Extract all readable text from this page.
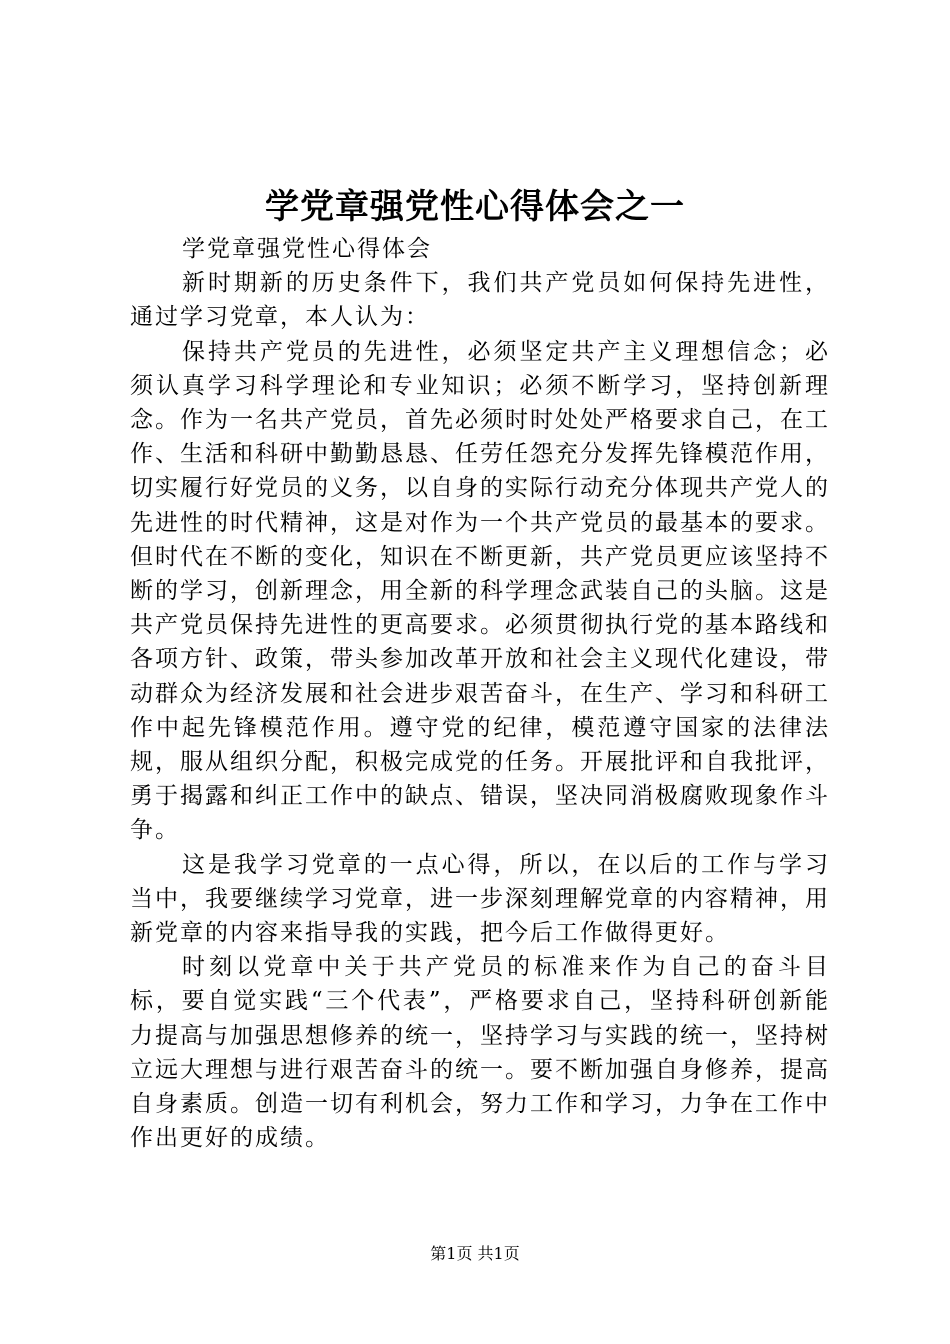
学党章强党性心得体会之一

学党章强党性心得体会

新时期新的历史条件下，我们共产党员如何保持先进性，通过学习党章，本人认为：

保持共产党员的先进性，必须坚定共产主义理想信念；必须认真学习科学理论和专业知识；必须不断学习，坚持创新理念。作为一名共产党员，首先必须时时处处严格要求自己，在工作、生活和科研中勤勤恳恳、任劳任怨充分发挥先锋模范作用，切实履行好党员的义务，以自身的实际行动充分体现共产党人的先进性的时代精神，这是对作为一个共产党员的最基本的要求。但时代在不断的变化，知识在不断更新，共产党员更应该坚持不断的学习，创新理念，用全新的科学理念武装自己的头脑。这是共产党员保持先进性的更高要求。必须贯彻执行党的基本路线和各项方针、政策，带头参加改革开放和社会主义现代化建设，带动群众为经济发展和社会进步艰苦奋斗，在生产、学习和科研工作中起先锋模范作用。遵守党的纪律，模范遵守国家的法律法规，服从组织分配，积极完成党的任务。开展批评和自我批评，勇于揭露和纠正工作中的缺点、错误，坚决同消极腐败现象作斗争。

这是我学习党章的一点心得，所以，在以后的工作与学习当中，我要继续学习党章，进一步深刻理解党章的内容精神，用新党章的内容来指导我的实践，把今后工作做得更好。

时刻以党章中关于共产党员的标准来作为自己的奋斗目标，要自觉实践“三个代表”，严格要求自己，坚持科研创新能力提高与加强思想修养的统一，坚持学习与实践的统一，坚持树立远大理想与进行艰苦奋斗的统一。要不断加强自身修养，提高自身素质。创造一切有利机会，努力工作和学习，力争在工作中作出更好的成绩。

第1页 共1页
